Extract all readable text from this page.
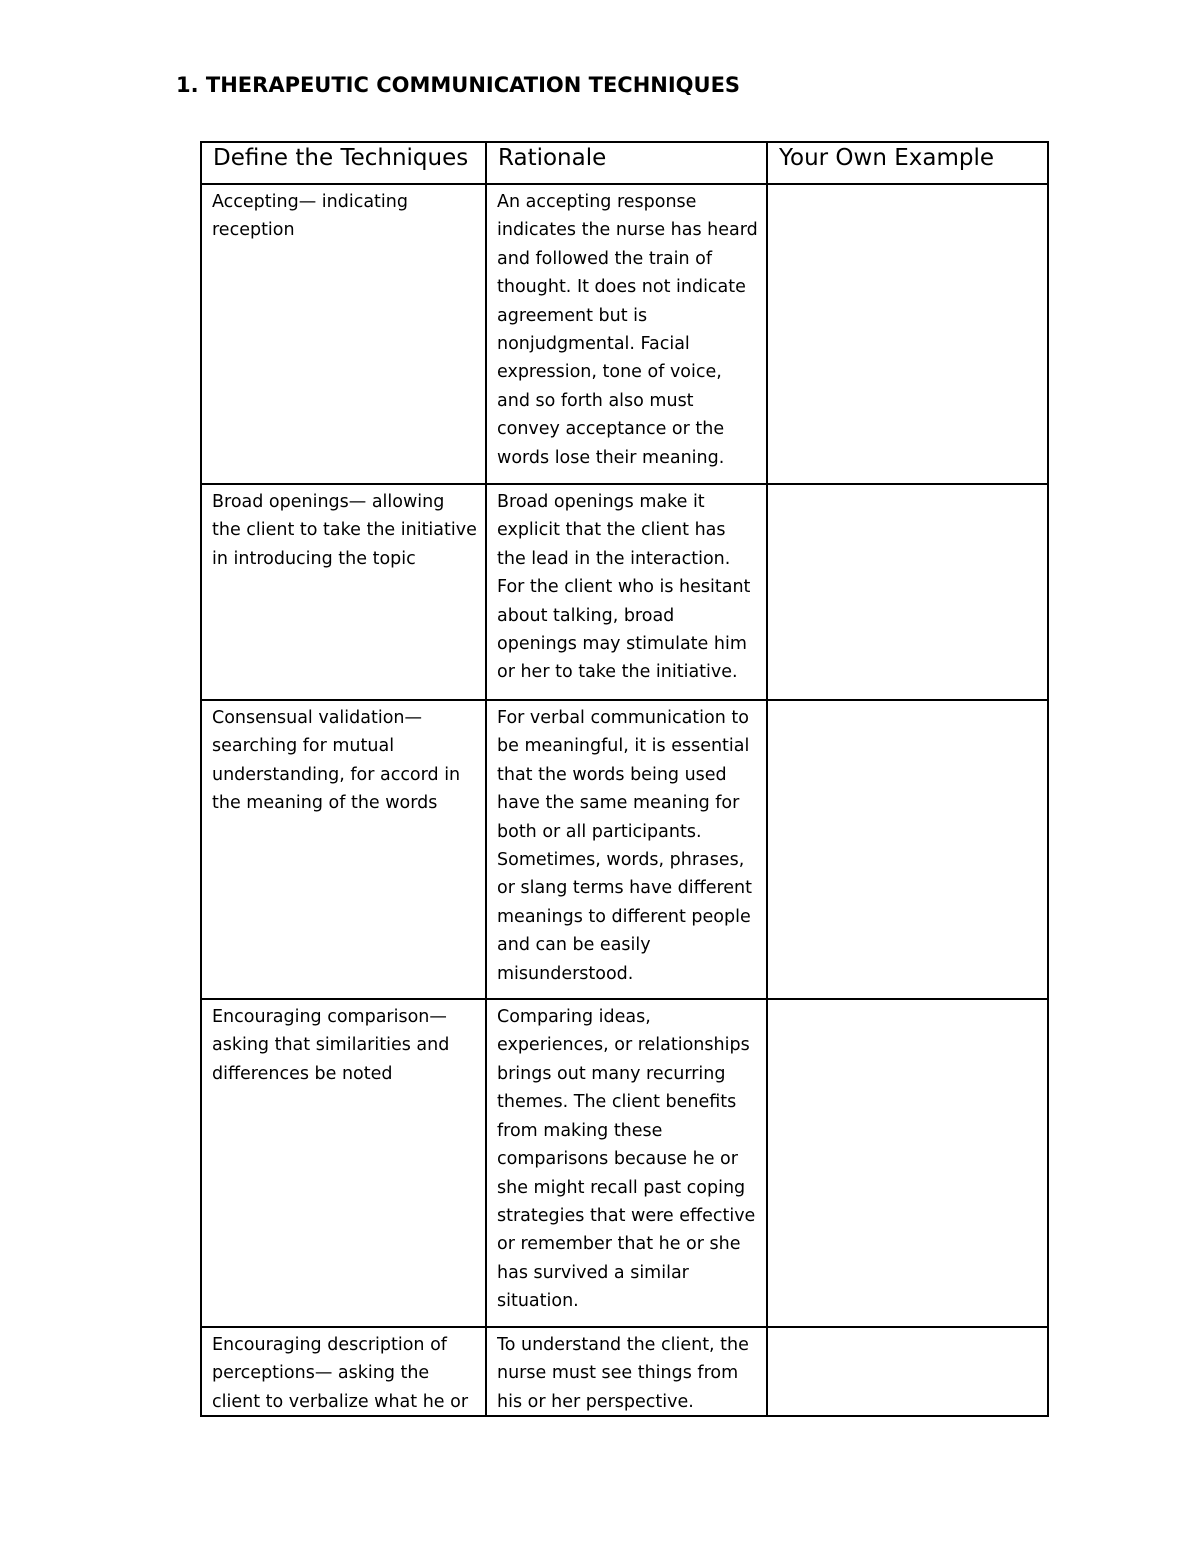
1. THERAPEUTIC COMMUNICATION TECHNIQUES
Define the Techniques	Rationale	Your Own Example
Accepting— indicating reception	An accepting response indicates the nurse has heard and followed the train of thought. It does not indicate agreement but is nonjudgmental. Facial expression, tone of voice, and so forth also must convey acceptance or the words lose their meaning.	
Broad openings— allowing the client to take the initiative in introducing the topic	Broad openings make it explicit that the client has the lead in the interaction. For the client who is hesitant about talking, broad openings may stimulate him or her to take the initiative.	
Consensual validation— searching for mutual understanding, for accord in the meaning of the words	For verbal communication to be meaningful, it is essential that the words being used have the same meaning for both or all participants. Sometimes, words, phrases, or slang terms have different meanings to different people and can be easily misunderstood.	
Encouraging comparison— asking that similarities and differences be noted	Comparing ideas, experiences, or relationships brings out many recurring themes. The client benefits from making these comparisons because he or she might recall past coping strategies that were effective or remember that he or she has survived a similar situation.	

Encouraging description of perceptions— asking the client to verbalize what he or	To understand the client, the nurse must see things from his or her perspective.	
